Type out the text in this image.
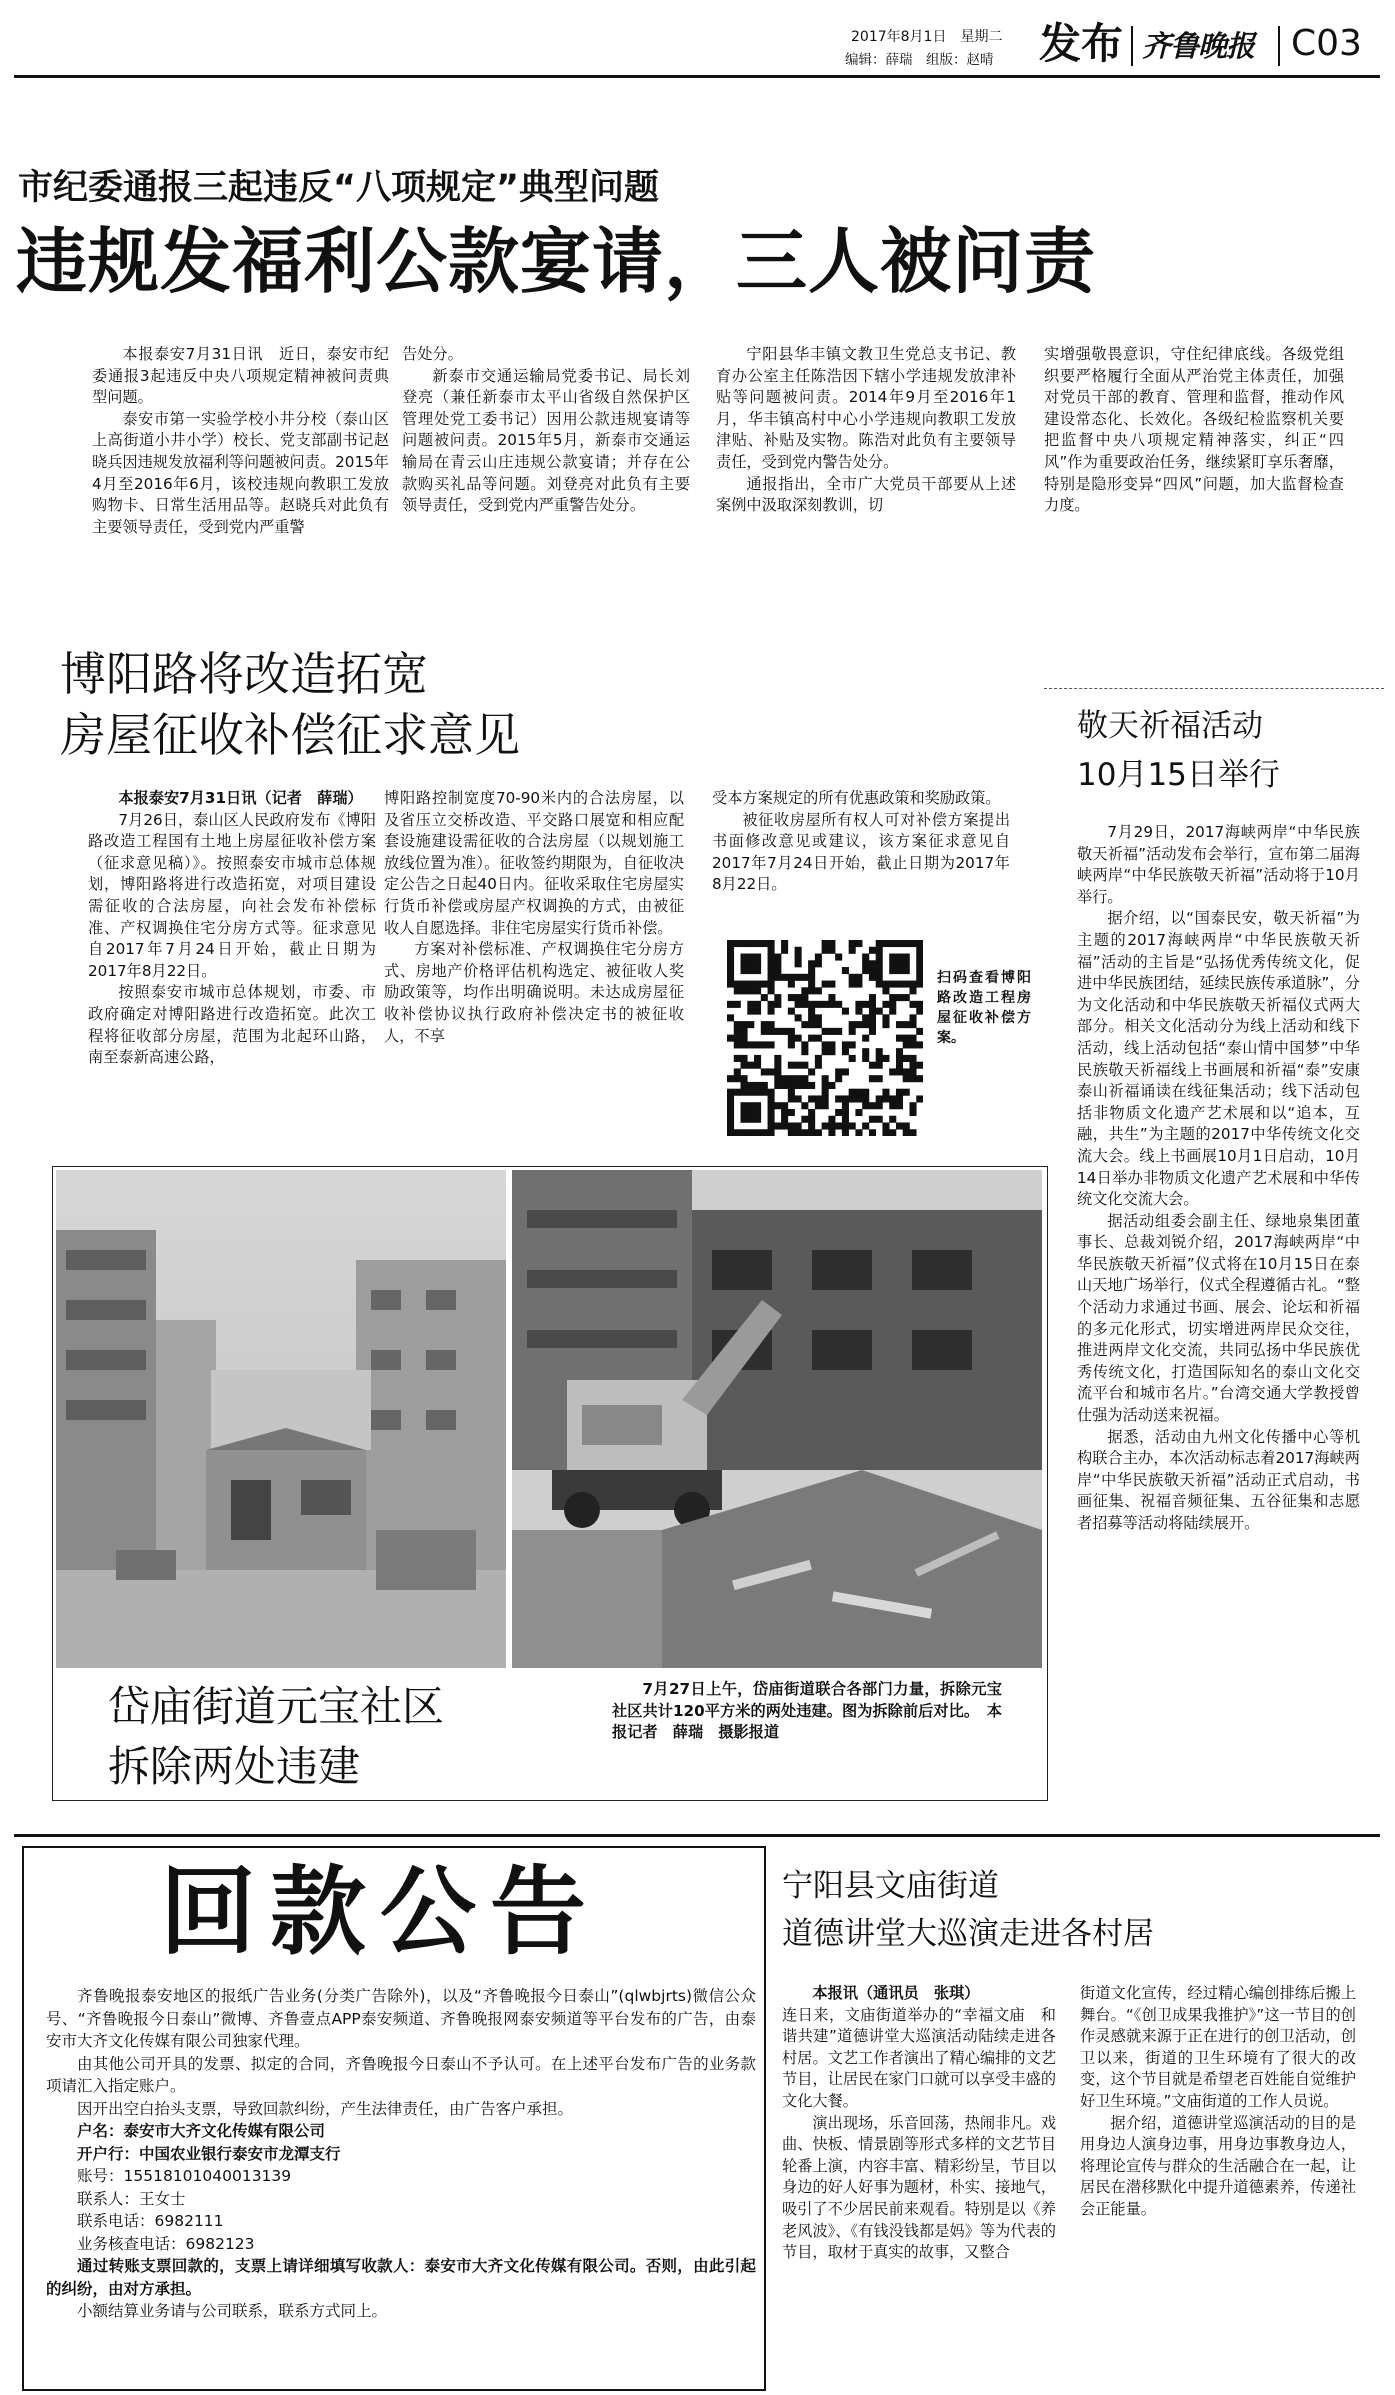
2017年8月1日　 星期二
编辑：薛瑞　组版：赵晴 发布 齐鲁晚报 C03
市纪委通报三起违反“八项规定”典型问题
违规发福利公款宴请，三人被问责

本报泰安7月31日讯　近日，泰安市纪委通报3起违反中央八项规定精神被问责典型问题。

泰安市第一实验学校小井分校（泰山区上高街道小井小学）校长、党支部副书记赵晓兵因违规发放福利等问题被问责。2015年4月至2016年6月，该校违规向教职工发放购物卡、日常生活用品等。赵晓兵对此负有主要领导责任，受到党内严重警

告处分。

新泰市交通运输局党委书记、局长刘登亮（兼任新泰市太平山省级自然保护区管理处党工委书记）因用公款违规宴请等问题被问责。2015年5月，新泰市交通运输局在青云山庄违规公款宴请；并存在公款购买礼品等问题。刘登亮对此负有主要领导责任，受到党内严重警告处分。

宁阳县华丰镇文教卫生党总支书记、教育办公室主任陈浩因下辖小学违规发放津补贴等问题被问责。2014年9月至2016年1月，华丰镇高村中心小学违规向教职工发放津贴、补贴及实物。陈浩对此负有主要领导责任，受到党内警告处分。

通报指出，全市广大党员干部要从上述案例中汲取深刻教训，切

实增强敬畏意识，守住纪律底线。各级党组织要严格履行全面从严治党主体责任，加强对党员干部的教育、管理和监督，推动作风建设常态化、长效化。各级纪检监察机关要把监督中央八项规定精神落实，纠正“四风”作为重要政治任务，继续紧盯享乐奢靡，特别是隐形变异“四风”问题，加大监督检查力度。

博阳路将改造拓宽
房屋征收补偿征求意见

本报泰安7月31日讯（记者　薛瑞）

7月26日，泰山区人民政府发布《博阳路改造工程国有土地上房屋征收补偿方案（征求意见稿）》。按照泰安市城市总体规划，博阳路将进行改造拓宽，对项目建设需征收的合法房屋，向社会发布补偿标准、产权调换住宅分房方式等。征求意见自2017年7月24日开始，截止日期为2017年8月22日。

按照泰安市城市总体规划，市委、市政府确定对博阳路进行改造拓宽。此次工程将征收部分房屋，范围为北起环山路，南至泰新高速公路，

博阳路控制宽度70-90米内的合法房屋，以及省压立交桥改造、平交路口展宽和相应配套设施建设需征收的合法房屋（以规划施工放线位置为准）。征收签约期限为，自征收决定公告之日起40日内。征收采取住宅房屋实行货币补偿或房屋产权调换的方式，由被征收人自愿选择。非住宅房屋实行货币补偿。

方案对补偿标准、产权调换住宅分房方式、房地产价格评估机构选定、被征收人奖励政策等，均作出明确说明。未达成房屋征收补偿协议执行政府补偿决定书的被征收人，不享

受本方案规定的所有优惠政策和奖励政策。

被征收房屋所有权人可对补偿方案提出书面修改意见或建议，该方案征求意见自2017年7月24日开始，截止日期为2017年8月22日。

扫码查看博阳路改造工程房屋征收补偿方案。

岱庙街道元宝社区
拆除两处违建

7月27日上午，岱庙街道联合各部门力量，拆除元宝社区共计120平方米的两处违建。图为拆除前后对比。　本报记者　薛瑞　摄影报道

敬天祈福活动
10月15日举行

7月29日，2017海峡两岸“中华民族敬天祈福”活动发布会举行，宣布第二届海峡两岸“中华民族敬天祈福”活动将于10月举行。

据介绍，以“国泰民安，敬天祈福”为主题的2017海峡两岸“中华民族敬天祈福”活动的主旨是“弘扬优秀传统文化，促进中华民族团结，延续民族传承道脉”，分为文化活动和中华民族敬天祈福仪式两大部分。相关文化活动分为线上活动和线下活动，线上活动包括“泰山情中国梦”中华民族敬天祈福线上书画展和祈福“泰”安康泰山祈福诵读在线征集活动；线下活动包括非物质文化遗产艺术展和以“追本，互融，共生”为主题的2017中华传统文化交流大会。线上书画展10月1日启动，10月14日举办非物质文化遗产艺术展和中华传统文化交流大会。

据活动组委会副主任、绿地泉集团董事长、总裁刘锐介绍，2017海峡两岸“中华民族敬天祈福”仪式将在10月15日在泰山天地广场举行，仪式全程遵循古礼。“整个活动力求通过书画、展会、论坛和祈福的多元化形式，切实增进两岸民众交往，推进两岸文化交流，共同弘扬中华民族优秀传统文化，打造国际知名的泰山文化交流平台和城市名片。”台湾交通大学教授曾仕强为活动送来祝福。

据悉，活动由九州文化传播中心等机构联合主办，本次活动标志着2017海峡两岸“中华民族敬天祈福”活动正式启动，书画征集、祝福音频征集、五谷征集和志愿者招募等活动将陆续展开。

回款公告

齐鲁晚报泰安地区的报纸广告业务(分类广告除外)，以及“齐鲁晚报今日泰山”(qlwbjrts)微信公众号、“齐鲁晚报今日泰山”微博、齐鲁壹点APP泰安频道、齐鲁晚报网泰安频道等平台发布的广告，由泰安市大齐文化传媒有限公司独家代理。

由其他公司开具的发票、拟定的合同，齐鲁晚报今日泰山不予认可。在上述平台发布广告的业务款项请汇入指定账户。

因开出空白抬头支票，导致回款纠纷，产生法律责任，由广告客户承担。

户名：泰安市大齐文化传媒有限公司

开户行：中国农业银行泰安市龙潭支行

账号：15518101040013139

联系人：王女士

联系电话：6982111

业务核查电话：6982123

通过转账支票回款的，支票上请详细填写收款人：泰安市大齐文化传媒有限公司。否则，由此引起的纠纷，由对方承担。

小额结算业务请与公司联系，联系方式同上。

宁阳县文庙街道
道德讲堂大巡演走进各村居

本报讯（通讯员　张琪）

连日来，文庙街道举办的“幸福文庙　和谐共建”道德讲堂大巡演活动陆续走进各村居。文艺工作者演出了精心编排的文艺节目，让居民在家门口就可以享受丰盛的文化大餐。

演出现场，乐音回荡，热闹非凡。戏曲、快板、情景剧等形式多样的文艺节目轮番上演，内容丰富、精彩纷呈，节目以身边的好人好事为题材，朴实、接地气，吸引了不少居民前来观看。特别是以《养老风波》、《有钱没钱都是妈》等为代表的节目，取材于真实的故事，又整合

街道文化宣传，经过精心编创排练后搬上舞台。“《创卫成果我推护》”这一节目的创作灵感就来源于正在进行的创卫活动，创卫以来，街道的卫生环境有了很大的改变，这个节目就是希望老百姓能自觉维护好卫生环境。”文庙街道的工作人员说。

据介绍，道德讲堂巡演活动的目的是用身边人演身边事，用身边事教身边人，将理论宣传与群众的生活融合在一起，让居民在潜移默化中提升道德素养，传递社会正能量。
